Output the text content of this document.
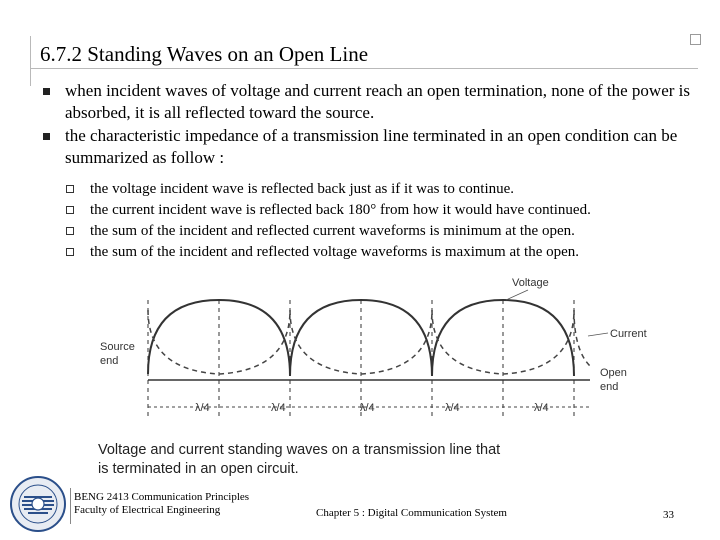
6.7.2 Standing Waves on an Open Line
when incident waves of voltage and current reach an open termination, none of the power is absorbed, it is all reflected toward the source.
the characteristic impedance of a transmission line terminated in an open condition can be summarized as follow :
the voltage incident wave is reflected back just as if it was to continue.
the current incident wave is reflected back 180° from how it would have continued.
the sum of the incident and reflected current waveforms is minimum at the open.
the sum of the incident and reflected voltage waveforms is maximum at the open.
λ/4	λ/4	λ/4	λ/4	λ/4
Voltage
Current
Source
end
Open
end

Voltage and current standing waves on a transmission line that
is terminated in an open circuit.

BENG 2413 Communication Principles
Faculty of Electrical Engineering	Chapter 5 : Digital Communication System	33
